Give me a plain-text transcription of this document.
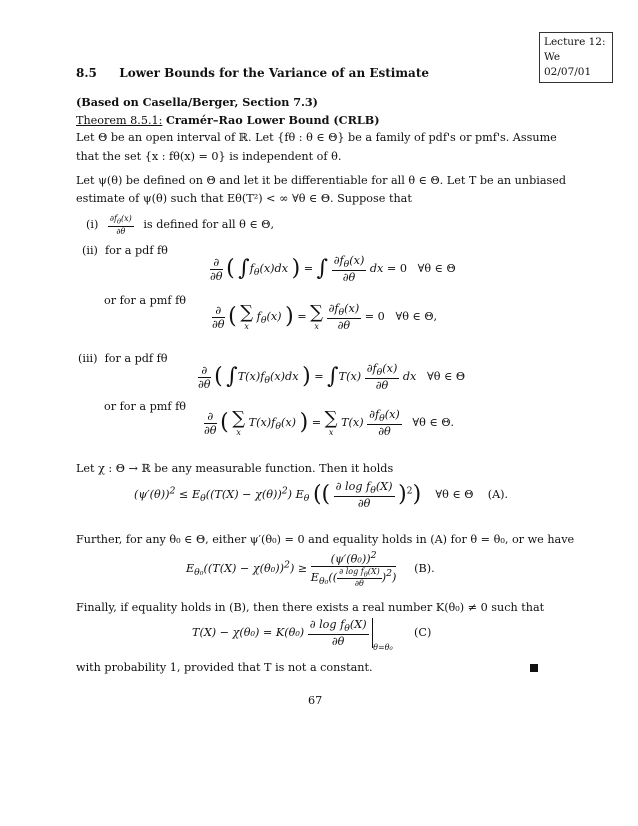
Lecture 12:
We 02/07/01
8.5 Lower Bounds for the Variance of an Estimate
(Based on Casella/Berger, Section 7.3)
Theorem 8.5.1: Cramér–Rao Lower Bound (CRLB)
Let Θ be an open interval of ℝ. Let {fθ : θ ∈ Θ} be a family of pdf's or pmf's. Assume
that the set {x : fθ(x) = 0} is independent of θ.
Let ψ(θ) be defined on Θ and let it be differentiable for all θ ∈ Θ. Let T be an unbiased
estimate of ψ(θ) such that Eθ(T²) < ∞ ∀θ ∈ Θ. Suppose that
$(i) \frac{\partial f_\theta(x)}{\partial\theta}$ is defined for all θ ∈ Θ,
(ii) for a pdf fθ
$\frac{\partial}{\partial\theta}$ ( $\int f_\theta(x)dx$ ) = ∫ $\frac{\partial f_\theta(x)}{\partial\theta}$ dx = 0   ∀θ ∈ Θ
or for a pmf fθ
$\frac{\partial}{\partial\theta}$ ( ∑
x
$f_\theta(x)$ ) = ∑
x
$\frac{\partial f_\theta(x)}{\partial\theta} = 0$   ∀θ ∈ Θ,
(iii) for a pdf fθ
$\frac{\partial}{\partial\theta}$ ( $\int T(x)f_\theta(x)dx$ ) = $\int T(x) \frac{\partial f_\theta(x)}{\partial\theta}$ dx   ∀θ ∈ Θ
or for a pmf fθ
$\frac{\partial}{\partial\theta}$ ( ∑
x
$T(x)f_\theta(x)$ ) = ∑
x
$T(x) \frac{\partial f_\theta(x)}{\partial\theta}$ ∀θ ∈ Θ.
Let χ : Θ → ℝ be any measurable function. Then it holds
$(\psi'(\theta))^2 \le E_\theta((T(X) - \chi(\theta))^2)$ $E_\theta$ (( $\frac{\partial \log f_\theta(X)}{\partial\theta} )^2$)    ∀θ ∈ Θ    (A).
Further, for any θ₀ ∈ Θ, either ψ′(θ₀) = 0 and equality holds in (A) for θ = θ₀, or we have
$E_{\theta_0}((T(X) - \chi(\theta_0))^2) \ge \frac{(\psi'(\theta_0))^2}{E_{\theta_0}(( \frac{\partial \log f_\theta(X)}{\partial\theta} )^2)} (B)$.
Finally, if equality holds in (B), then there exists a real number K(θ₀) ≠ 0 such that
$T(X) - \chi(\theta_0) = K(\theta_0) \frac{\partial \log f_\theta(X)}{\partial\theta} _{\theta=\theta_0}$      (C)
with probability 1, provided that T is not a constant.
67
